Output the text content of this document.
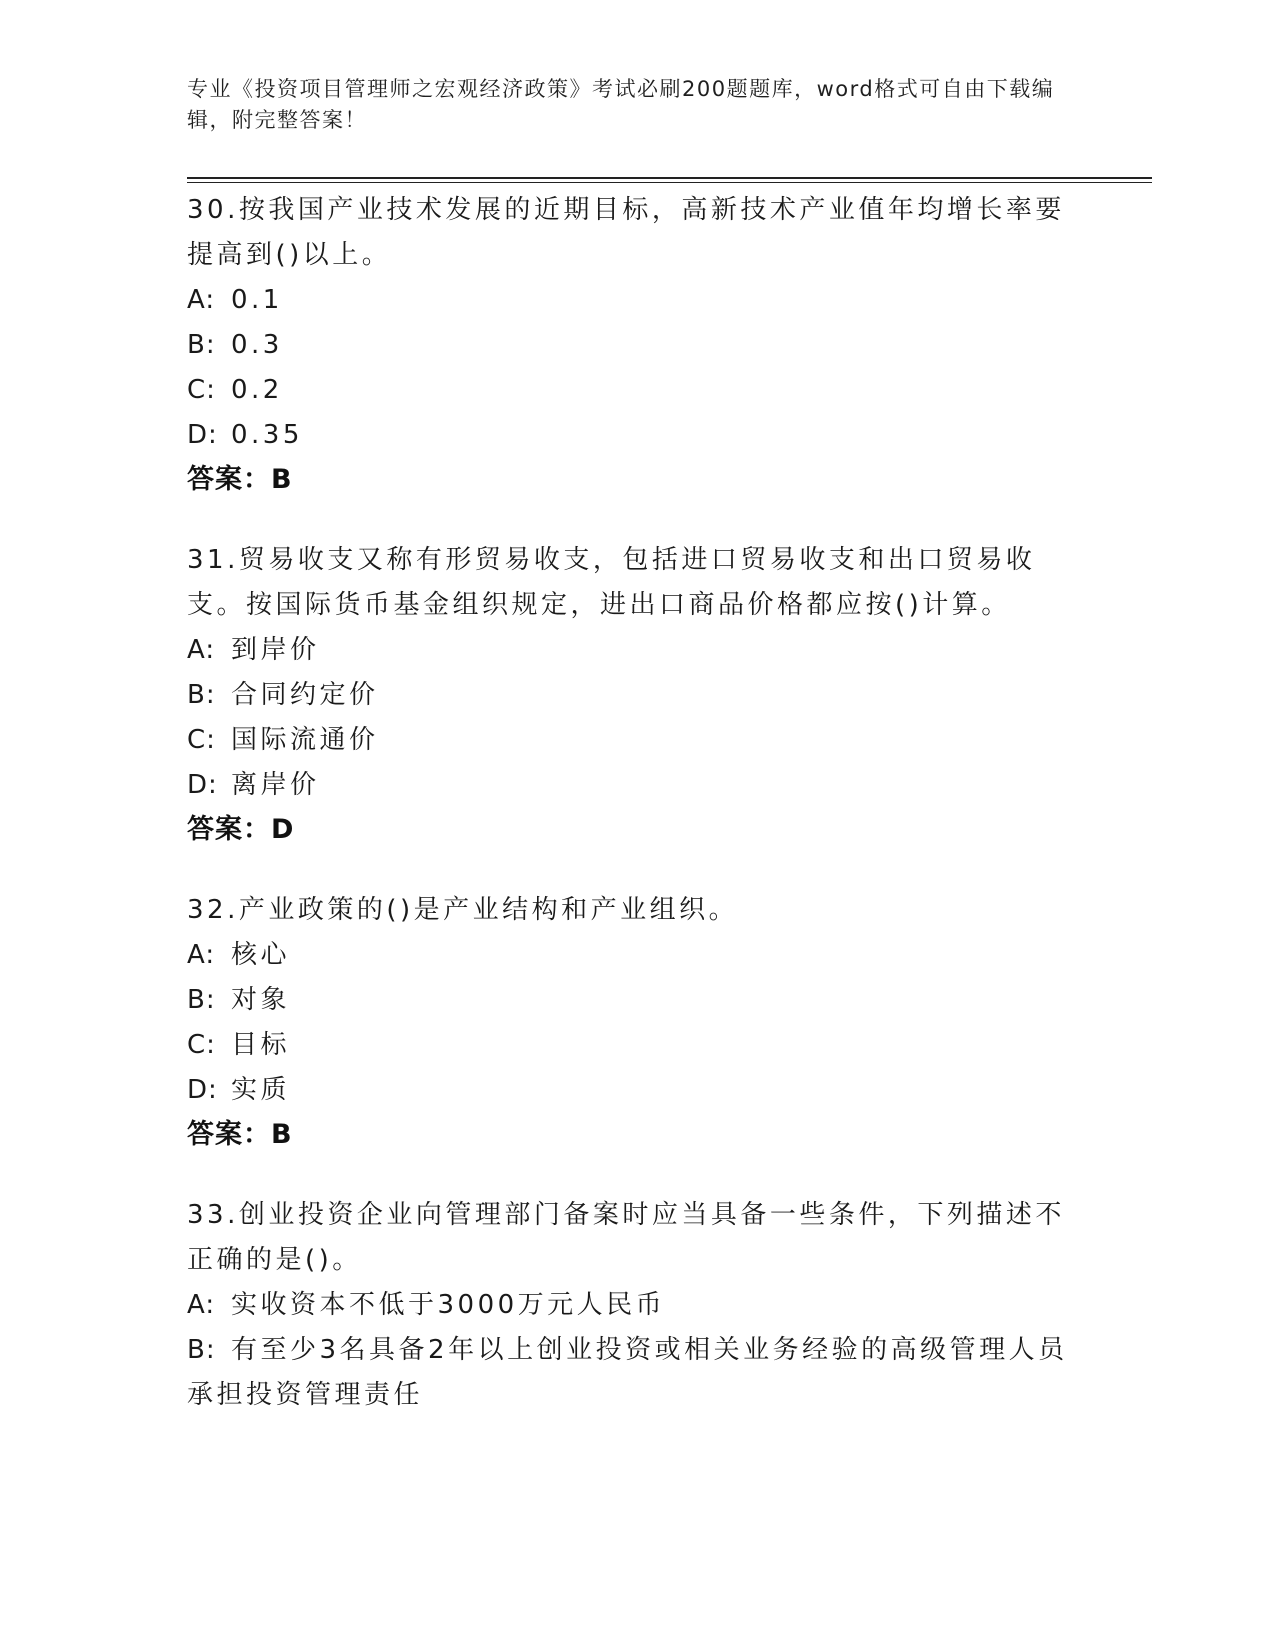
专业《投资项目管理师之宏观经济政策》考试必刷200题题库，word格式可自由下载编辑，附完整答案！
30.按我国产业技术发展的近期目标，高新技术产业值年均增长率要提高到()以上。
A: 0.1
B: 0.3
C: 0.2
D: 0.35
答案：B
31.贸易收支又称有形贸易收支，包括进口贸易收支和出口贸易收支。按国际货币基金组织规定，进出口商品价格都应按()计算。
A: 到岸价
B: 合同约定价
C: 国际流通价
D: 离岸价
答案：D
32.产业政策的()是产业结构和产业组织。
A: 核心
B: 对象
C: 目标
D: 实质
答案：B
33.创业投资企业向管理部门备案时应当具备一些条件，下列描述不正确的是()。
A: 实收资本不低于3000万元人民币
B: 有至少3名具备2年以上创业投资或相关业务经验的高级管理人员承担投资管理责任
